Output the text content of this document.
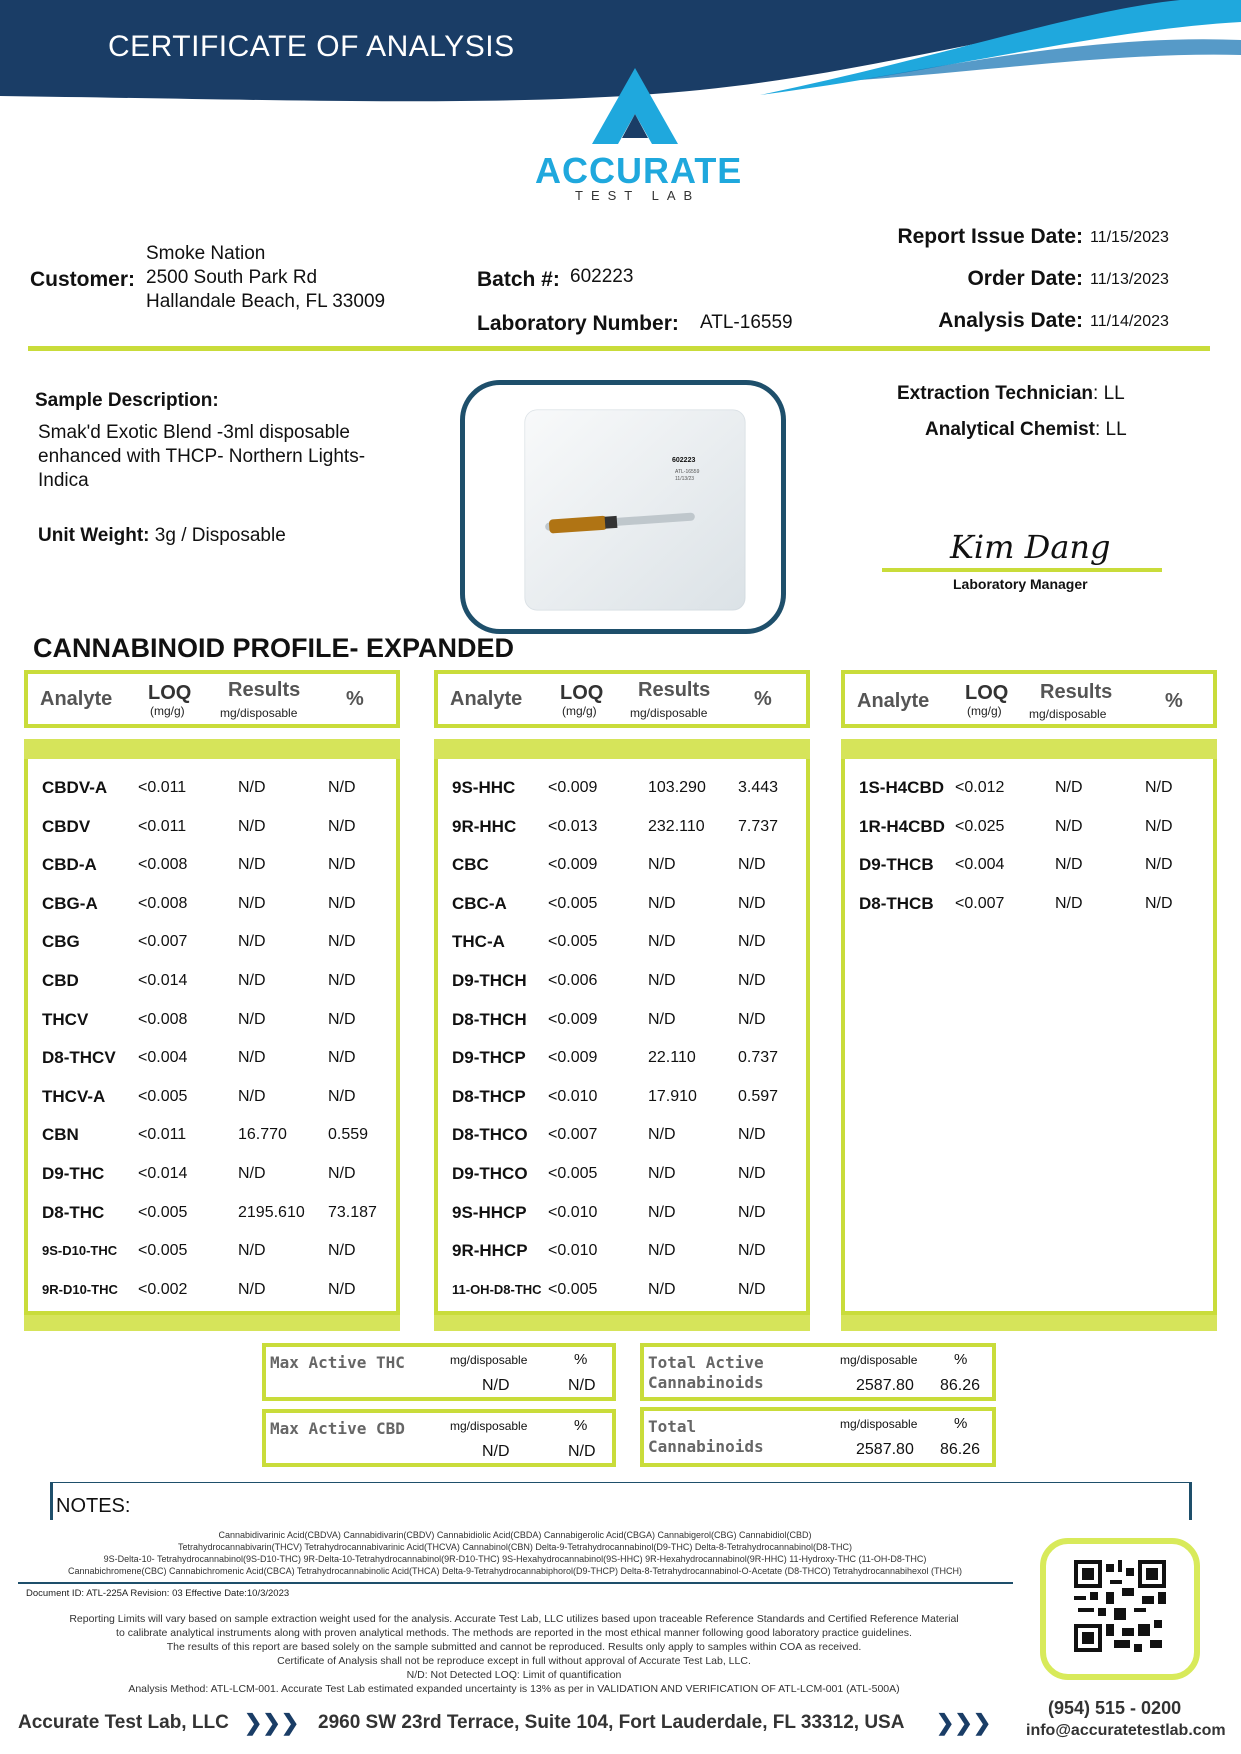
CERTIFICATE OF ANALYSIS
ACCURATE
TEST LAB
Customer:
Smoke Nation
2500 South Park Rd
Hallandale Beach, FL 33009
Batch #: 602223
Laboratory Number: ATL-16559
Report Issue Date: 11/15/2023
Order Date: 11/13/2023
Analysis Date: 11/14/2023
Sample Description:
Smak'd Exotic Blend -3ml disposable
enhanced with THCP- Northern Lights-
Indica
Unit Weight: 3g / Disposable
602223
ATL-16559
11/13/23
Extraction Technician: LL
Analytical Chemist: LL
Kim Dang
Laboratory Manager
CANNABINOID PROFILE- EXPANDED
Analyte LOQ
(mg/g)
Results
mg/disposable
%
CBDV-A <0.011	N/D	N/D
CBDV	<0.011	N/D	N/D
CBD-A	<0.008	N/D	N/D
CBG-A	<0.008	N/D	N/D
CBG	<0.007	N/D	N/D
CBD	<0.014	N/D	N/D
THCV	<0.008	N/D	N/D
D8-THCV <0.004	N/D	N/D
THCV-A <0.005	N/D	N/D
CBN	<0.011	16.770	0.559
D9-THC <0.014	N/D	N/D
D8-THC <0.005	2195.610 73.187
9S-D10-THC <0.005	N/D	N/D
9R-D10-THC <0.002	N/D	N/D
Analyte LOQ
(mg/g)
Results
mg/disposable
%
9S-HHC <0.009	103.290 3.443
9R-HHC <0.013	232.110 7.737
CBC	<0.009	N/D	N/D
CBC-A	<0.005	N/D	N/D
THC-A	<0.005	N/D	N/D
D9-THCH <0.006	N/D	N/D
D8-THCH <0.009	N/D	N/D
D9-THCP <0.009	22.110	0.737
D8-THCP <0.010	17.910	0.597
D8-THCO <0.007	N/D	N/D
D9-THCO <0.005	N/D	N/D
9S-HHCP <0.010	N/D	N/D
9R-HHCP <0.010	N/D	N/D
11-OH-D8-THC <0.005	N/D	N/D
Analyte LOQ
(mg/g)
Results
mg/disposable
%
1S-H4CBD <0.012	N/D	N/D
1R-H4CBD <0.025	N/D	N/D
D9-THCB <0.004	N/D	N/D
D8-THCB <0.007	N/D	N/D
Max Active THC	mg/disposable	%
N/D	N/D
Max Active CBD	mg/disposable	%
N/D	N/D
Total Active
Cannabinoids
mg/disposable %
2587.80 86.26
Total
Cannabinoids
mg/disposable %
2587.80 86.26
NOTES:
Cannabidivarinic Acid(CBDVA) Cannabidivarin(CBDV) Cannabidiolic Acid(CBDA) Cannabigerolic Acid(CBGA) Cannabigerol(CBG) Cannabidiol(CBD)
Tetrahydrocannabivarin(THCV) Tetrahydrocannabivarinic Acid(THCVA) Cannabinol(CBN) Delta-9-Tetrahydrocannabinol(D9-THC) Delta-8-Tetrahydrocannabinol(D8-THC)
9S-Delta-10- Tetrahydrocannabinol(9S-D10-THC) 9R-Delta-10-Tetrahydrocannabinol(9R-D10-THC) 9S-Hexahydrocannabinol(9S-HHC) 9R-Hexahydrocannabinol(9R-HHC) 11-Hydroxy-THC (11-OH-D8-THC)
Cannabichromene(CBC) Cannabichromenic Acid(CBCA) Tetrahydrocannabinolic Acid(THCA) Delta-9-Tetrahydrocannabiphorol(D9-THCP) Delta-8-Tetrahydrocannabinol-O-Acetate (D8-THCO) Tetrahydrocannabihexol (THCH)
Document ID: ATL-225A Revision: 03 Effective Date:10/3/2023
Reporting Limits will vary based on sample extraction weight used for the analysis. Accurate Test Lab, LLC utilizes based upon traceable Reference Standards and Certified Reference Material
to calibrate analytical instruments along with proven analytical methods. The methods are reported in the most ethical manner following good laboratory practice guidelines.
The results of this report are based solely on the sample submitted and cannot be reproduced. Results only apply to samples within COA as received.
Certificate of Analysis shall not be reproduce except in full without approval of Accurate Test Lab, LLC.
N/D: Not Detected LOQ: Limit of quantification
Analysis Method: ATL-LCM-001. Accurate Test Lab estimated expanded uncertainty is 13% as per in VALIDATION AND VERIFICATION OF ATL-LCM-001 (ATL-500A)
Accurate Test Lab, LLC ❯❯❯ 2960 SW 23rd Terrace, Suite 104, Fort Lauderdale, FL 33312, USA ❯❯❯
(954) 515 - 0200
info@accuratetestlab.com
